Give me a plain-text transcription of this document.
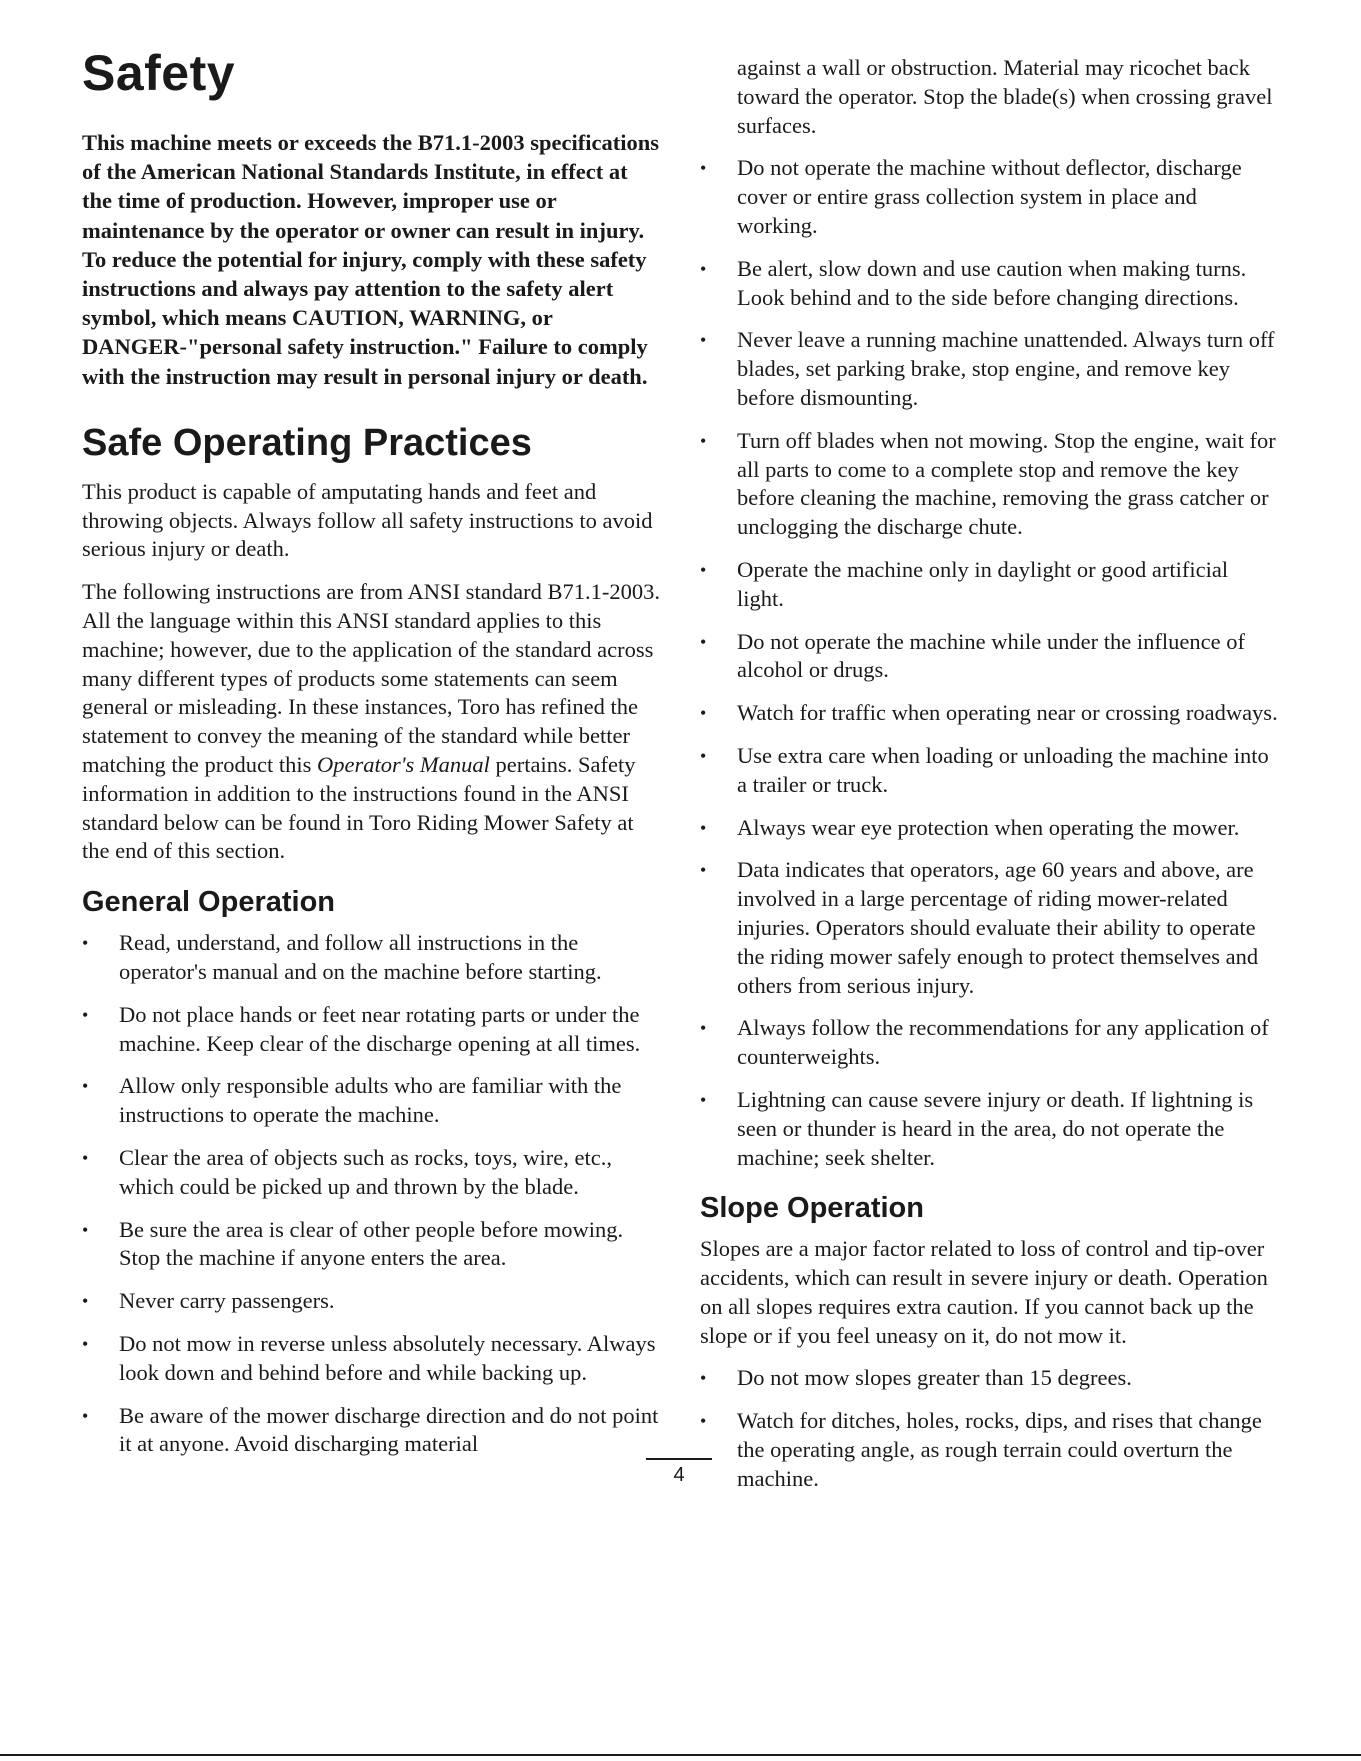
Safety

This machine meets or exceeds the B71.1-2003 specifications of the American National Standards Institute, in effect at the time of production. However, improper use or maintenance by the operator or owner can result in injury. To reduce the potential for injury, comply with these safety instructions and always pay attention to the safety alert symbol, which means CAUTION, WARNING, or DANGER-"personal safety instruction." Failure to comply with the instruction may result in personal injury or death.

Safe Operating Practices

This product is capable of amputating hands and feet and throwing objects. Always follow all safety instructions to avoid serious injury or death.

The following instructions are from ANSI standard B71.1-2003. All the language within this ANSI standard applies to this machine; however, due to the application of the standard across many different types of products some statements can seem general or misleading. In these instances, Toro has refined the statement to convey the meaning of the standard while better matching the product this Operator's Manual pertains. Safety information in addition to the instructions found in the ANSI standard below can be found in Toro Riding Mower Safety at the end of this section.

General Operation
• Read, understand, and follow all instructions in the operator's manual and on the machine before starting.
• Do not place hands or feet near rotating parts or under the machine. Keep clear of the discharge opening at all times.
• Allow only responsible adults who are familiar with the instructions to operate the machine.
• Clear the area of objects such as rocks, toys, wire, etc., which could be picked up and thrown by the blade.
• Be sure the area is clear of other people before mowing. Stop the machine if anyone enters the area.
• Never carry passengers.
• Do not mow in reverse unless absolutely necessary. Always look down and behind before and while backing up.
• Be aware of the mower discharge direction and do not point it at anyone. Avoid discharging material
against a wall or obstruction. Material may ricochet back toward the operator. Stop the blade(s) when crossing gravel surfaces.
• Do not operate the machine without deflector, discharge cover or entire grass collection system in place and working.
• Be alert, slow down and use caution when making turns. Look behind and to the side before changing directions.
• Never leave a running machine unattended. Always turn off blades, set parking brake, stop engine, and remove key before dismounting.
• Turn off blades when not mowing. Stop the engine, wait for all parts to come to a complete stop and remove the key before cleaning the machine, removing the grass catcher or unclogging the discharge chute.
• Operate the machine only in daylight or good artificial light.
• Do not operate the machine while under the influence of alcohol or drugs.
• Watch for traffic when operating near or crossing roadways.
• Use extra care when loading or unloading the machine into a trailer or truck.
• Always wear eye protection when operating the mower.
• Data indicates that operators, age 60 years and above, are involved in a large percentage of riding mower-related injuries. Operators should evaluate their ability to operate the riding mower safely enough to protect themselves and others from serious injury.
• Always follow the recommendations for any application of counterweights.
• Lightning can cause severe injury or death. If lightning is seen or thunder is heard in the area, do not operate the machine; seek shelter.
Slope Operation

Slopes are a major factor related to loss of control and tip-over accidents, which can result in severe injury or death. Operation on all slopes requires extra caution. If you cannot back up the slope or if you feel uneasy on it, do not mow it.

• Do not mow slopes greater than 15 degrees.
• Watch for ditches, holes, rocks, dips, and rises that change the operating angle, as rough terrain could overturn the machine.
4
